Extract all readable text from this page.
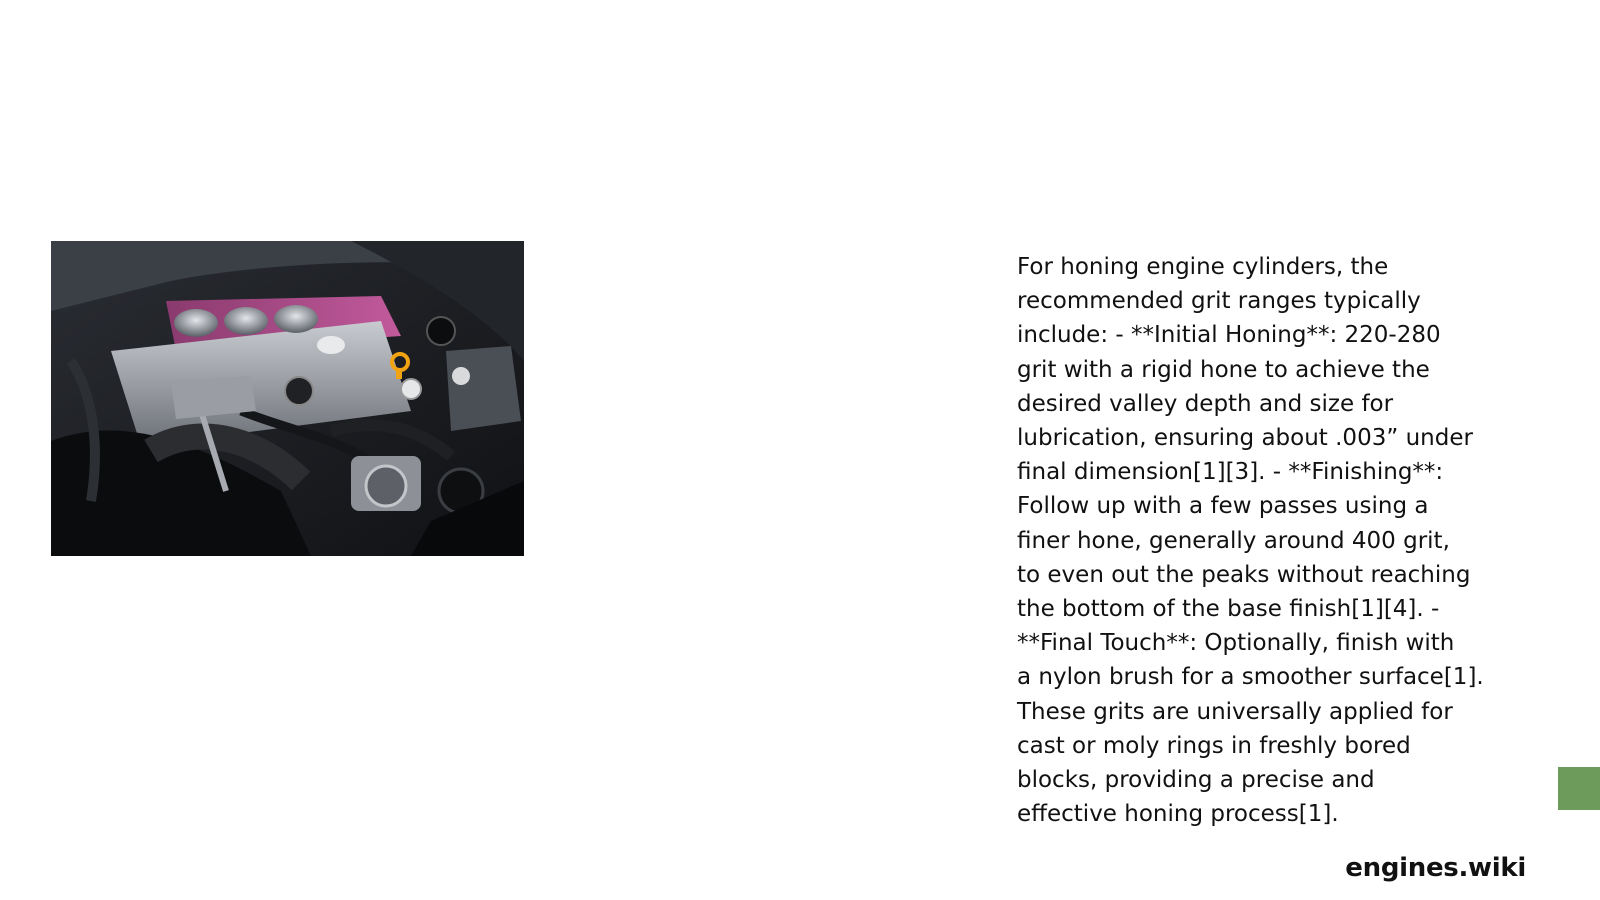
For honing engine cylinders, the
recommended grit ranges typically
include: - **Initial Honing**: 220-280
grit with a rigid hone to achieve the
desired valley depth and size for
lubrication, ensuring about .003” under
final dimension[1][3]. - **Finishing**:
Follow up with a few passes using a
finer hone, generally around 400 grit,
to even out the peaks without reaching
the bottom of the base finish[1][4]. -
**Final Touch**: Optionally, finish with
a nylon brush for a smoother surface[1].
These grits are universally applied for
cast or moly rings in freshly bored
blocks, providing a precise and
effective honing process[1].

engines.wiki
